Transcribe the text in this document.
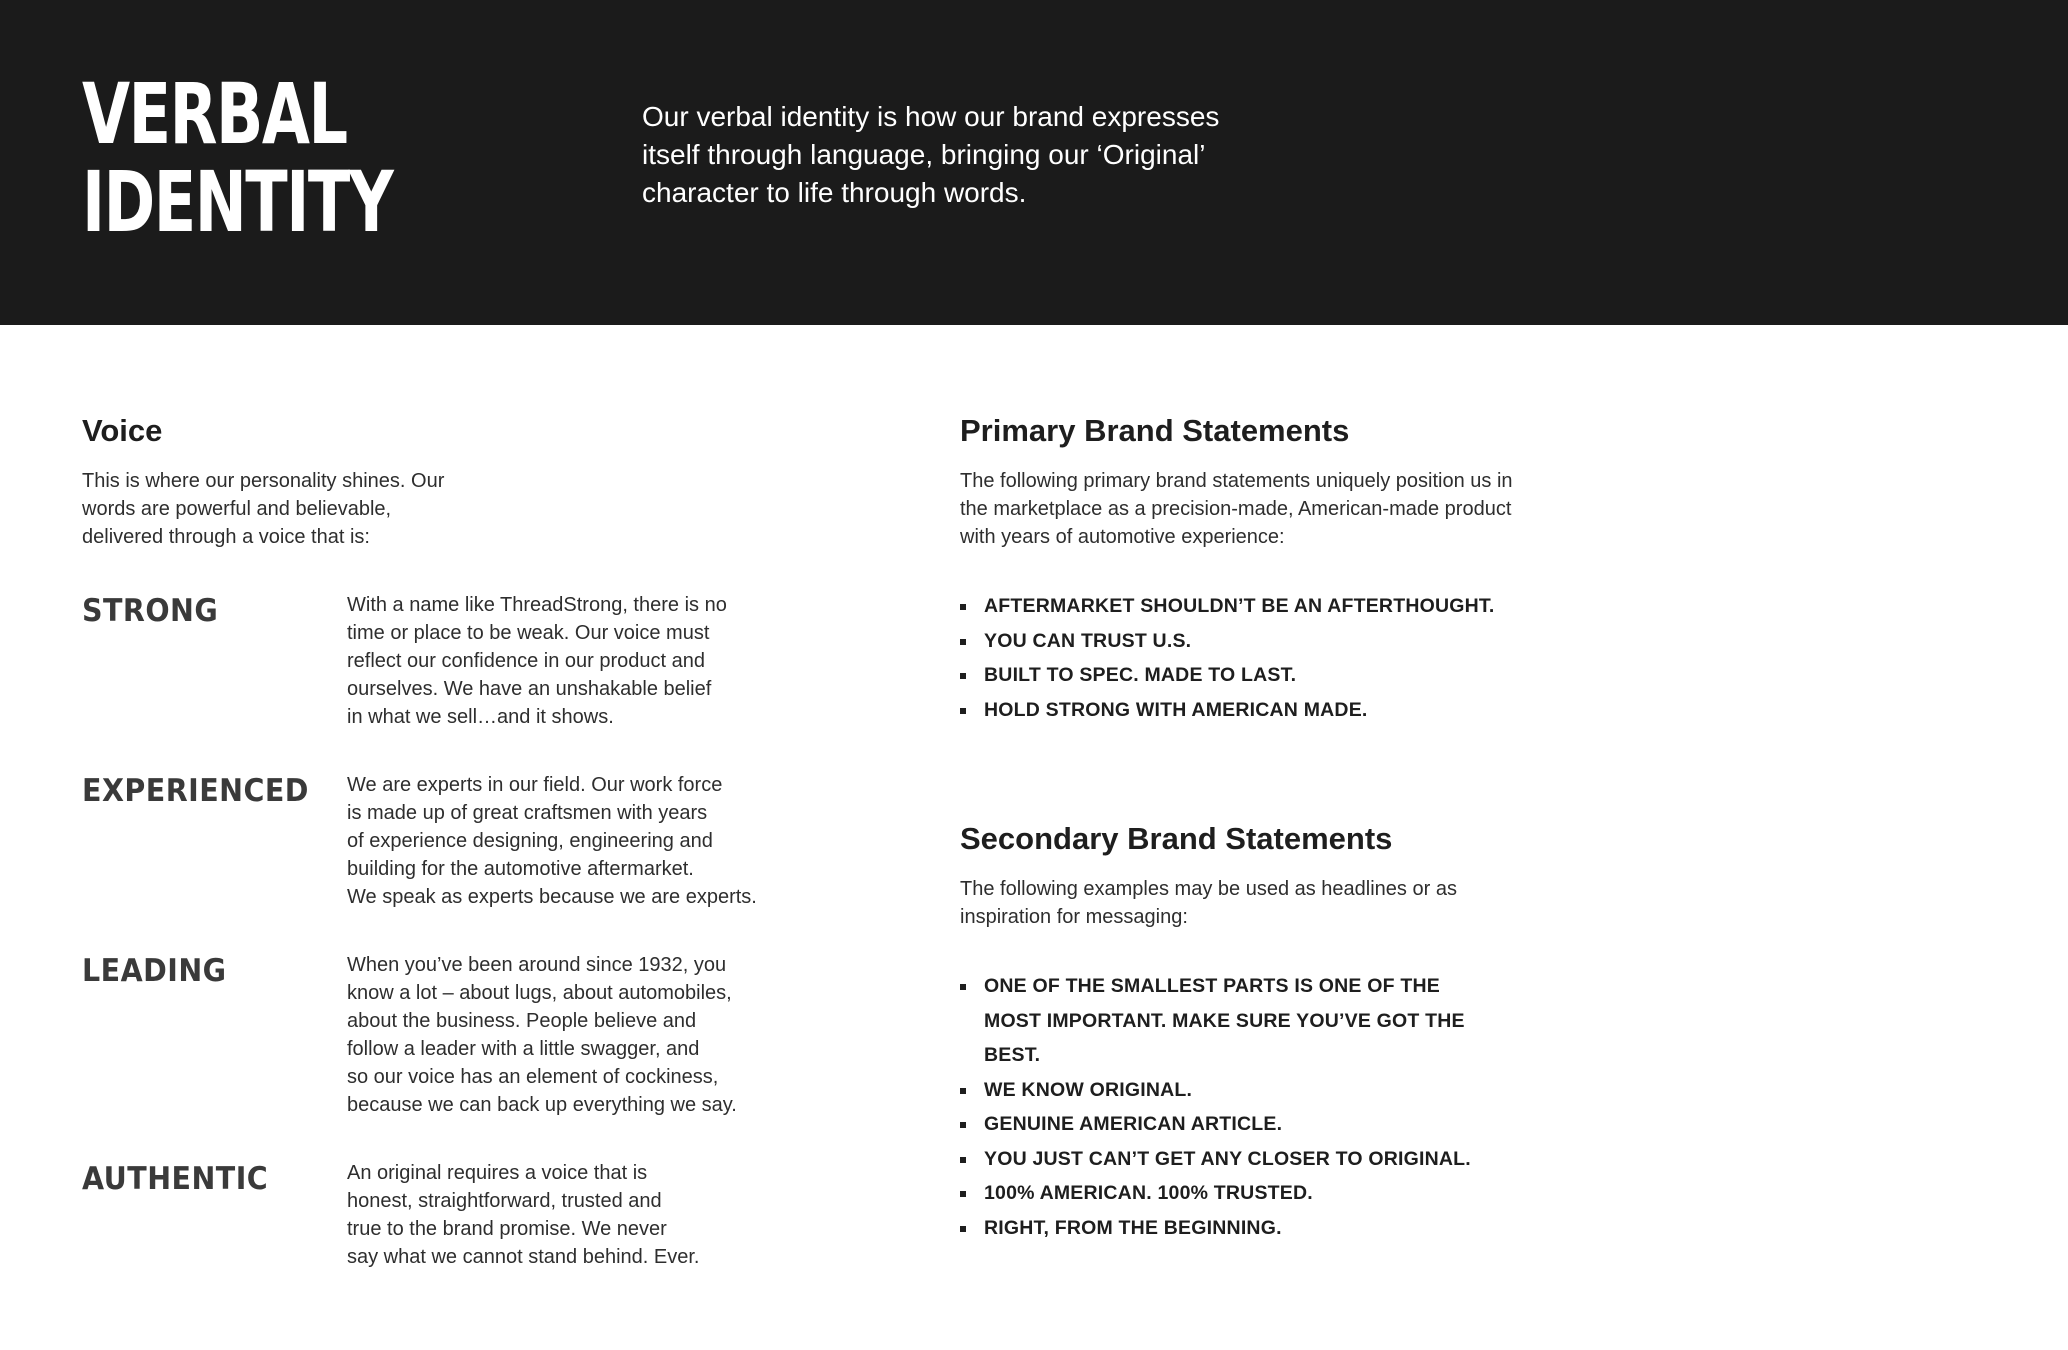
VERBAL
IDENTITY

Our verbal identity is how our brand expresses itself through language, bringing our ‘Original’ character to life through words.

Voice

This is where our personality shines. Our words are powerful and believable, delivered through a voice that is:

STRONG	With a name like ThreadStrong, there is no
time or place to be weak. Our voice must
reflect our confidence in our product and
ourselves. We have an unshakable belief
in what we sell…and it shows.

EXPERIENCED We are experts in our field. Our work force
is made up of great craftsmen with years
of experience designing, engineering and
building for the automotive aftermarket.
We speak as experts because we are experts.

LEADING	When you’ve been around since 1932, you
know a lot – about lugs, about automobiles,
about the business. People believe and
follow a leader with a little swagger, and
so our voice has an element of cockiness,
because we can back up everything we say.

AUTHENTIC	An original requires a voice that is
honest, straightforward, trusted and
true to the brand promise. We never
say what we cannot stand behind. Ever.

Primary Brand Statements

The following primary brand statements uniquely position us in the marketplace as a precision-made, American-made product with years of automotive experience:

AFTERMARKET SHOULDN’T BE AN AFTERTHOUGHT.
YOU CAN TRUST U.S.
BUILT TO SPEC. MADE TO LAST.
HOLD STRONG WITH AMERICAN MADE.
Secondary Brand Statements

The following examples may be used as headlines or as inspiration for messaging:

ONE OF THE SMALLEST PARTS IS ONE OF THE MOST IMPORTANT. MAKE SURE YOU’VE GOT THE BEST.
WE KNOW ORIGINAL.
GENUINE AMERICAN ARTICLE.
YOU JUST CAN’T GET ANY CLOSER TO ORIGINAL.
100% AMERICAN. 100% TRUSTED.
RIGHT, FROM THE BEGINNING.
